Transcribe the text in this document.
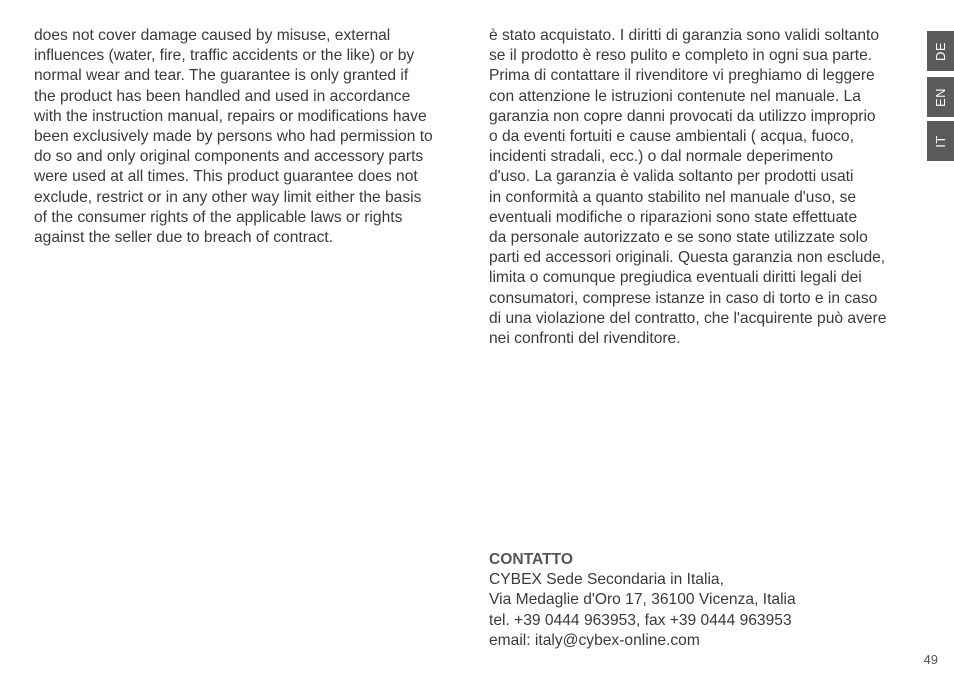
does not cover damage caused by misuse, external
influences (water, fire, traffic accidents or the like) or by
normal wear and tear. The guarantee is only granted if
the product has been handled and used in accordance
with the instruction manual, repairs or modifications have
been exclusively made by persons who had permission to
do so and only original components and accessory parts
were used at all times. This product guarantee does not
exclude, restrict or in any other way limit either the basis
of the consumer rights of the applicable laws or rights
against the seller due to breach of contract.
è stato acquistato. I diritti di garanzia sono validi soltanto
se il prodotto è reso pulito e completo in ogni sua parte.
Prima di contattare il rivenditore vi preghiamo di leggere
con attenzione le istruzioni contenute nel manuale. La
garanzia non copre danni provocati da utilizzo improprio
o da eventi fortuiti e cause ambientali ( acqua, fuoco,
incidenti stradali, ecc.) o dal normale deperimento
d'uso. La garanzia è valida soltanto per prodotti usati
in conformità a quanto stabilito nel manuale d'uso, se
eventuali modifiche o riparazioni sono state effettuate
da personale autorizzato e se sono state utilizzate solo
parti ed accessori originali. Questa garanzia non esclude,
limita o comunque pregiudica eventuali diritti legali dei
consumatori, comprese istanze in caso di torto e in caso
di una violazione del contratto, che l'acquirente può avere
nei confronti del rivenditore.
CONTATTO
CYBEX Sede Secondaria in Italia,
Via Medaglie d'Oro 17, 36100 Vicenza, Italia
tel. +39 0444 963953, fax +39 0444 963953
email: italy@cybex-online.com
DE
EN
IT
49
